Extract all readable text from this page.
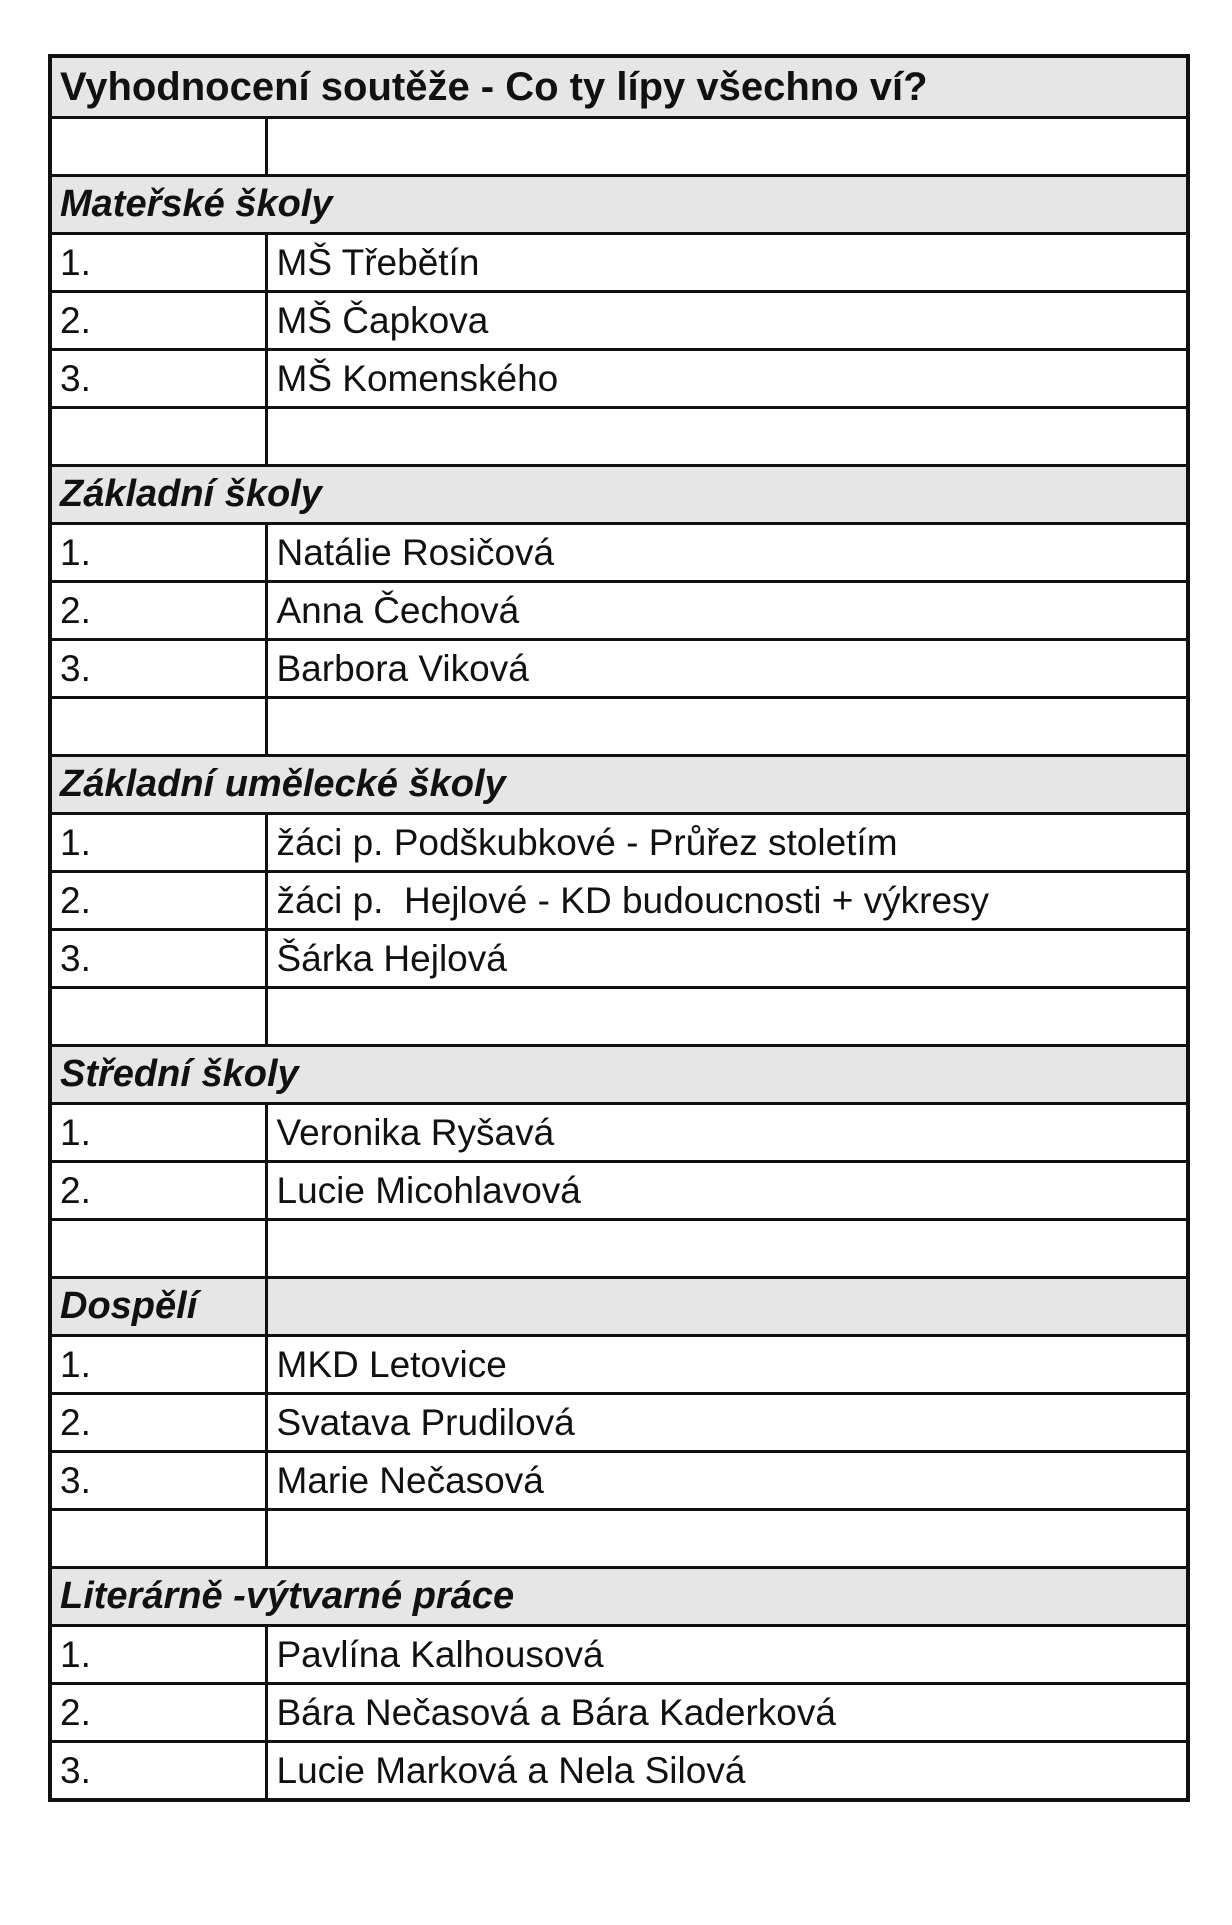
Vyhodnocení soutěže - Co ty lípy všechno ví?	

Mateřské školy	
1.	MŠ Třebětín
2.	MŠ Čapkova
3.	MŠ Komenského

Základní školy	
1.	Natálie Rosičová
2.	Anna Čechová
3.	Barbora Viková

Základní umělecké školy	
1.	žáci p. Podškubkové - Průřez stoletím
2.	žáci p.  Hejlové - KD budoucnosti + výkresy
3.	Šárka Hejlová

Střední školy	
1.	Veronika Ryšavá
2.	Lucie Micohlavová

Dospělí	
1.	MKD Letovice
2.	Svatava Prudilová
3.	Marie Nečasová

Literárně -výtvarné práce	
1.	Pavlína Kalhousová
2.	Bára Nečasová a Bára Kaderková
3.	Lucie Marková a Nela Silová
